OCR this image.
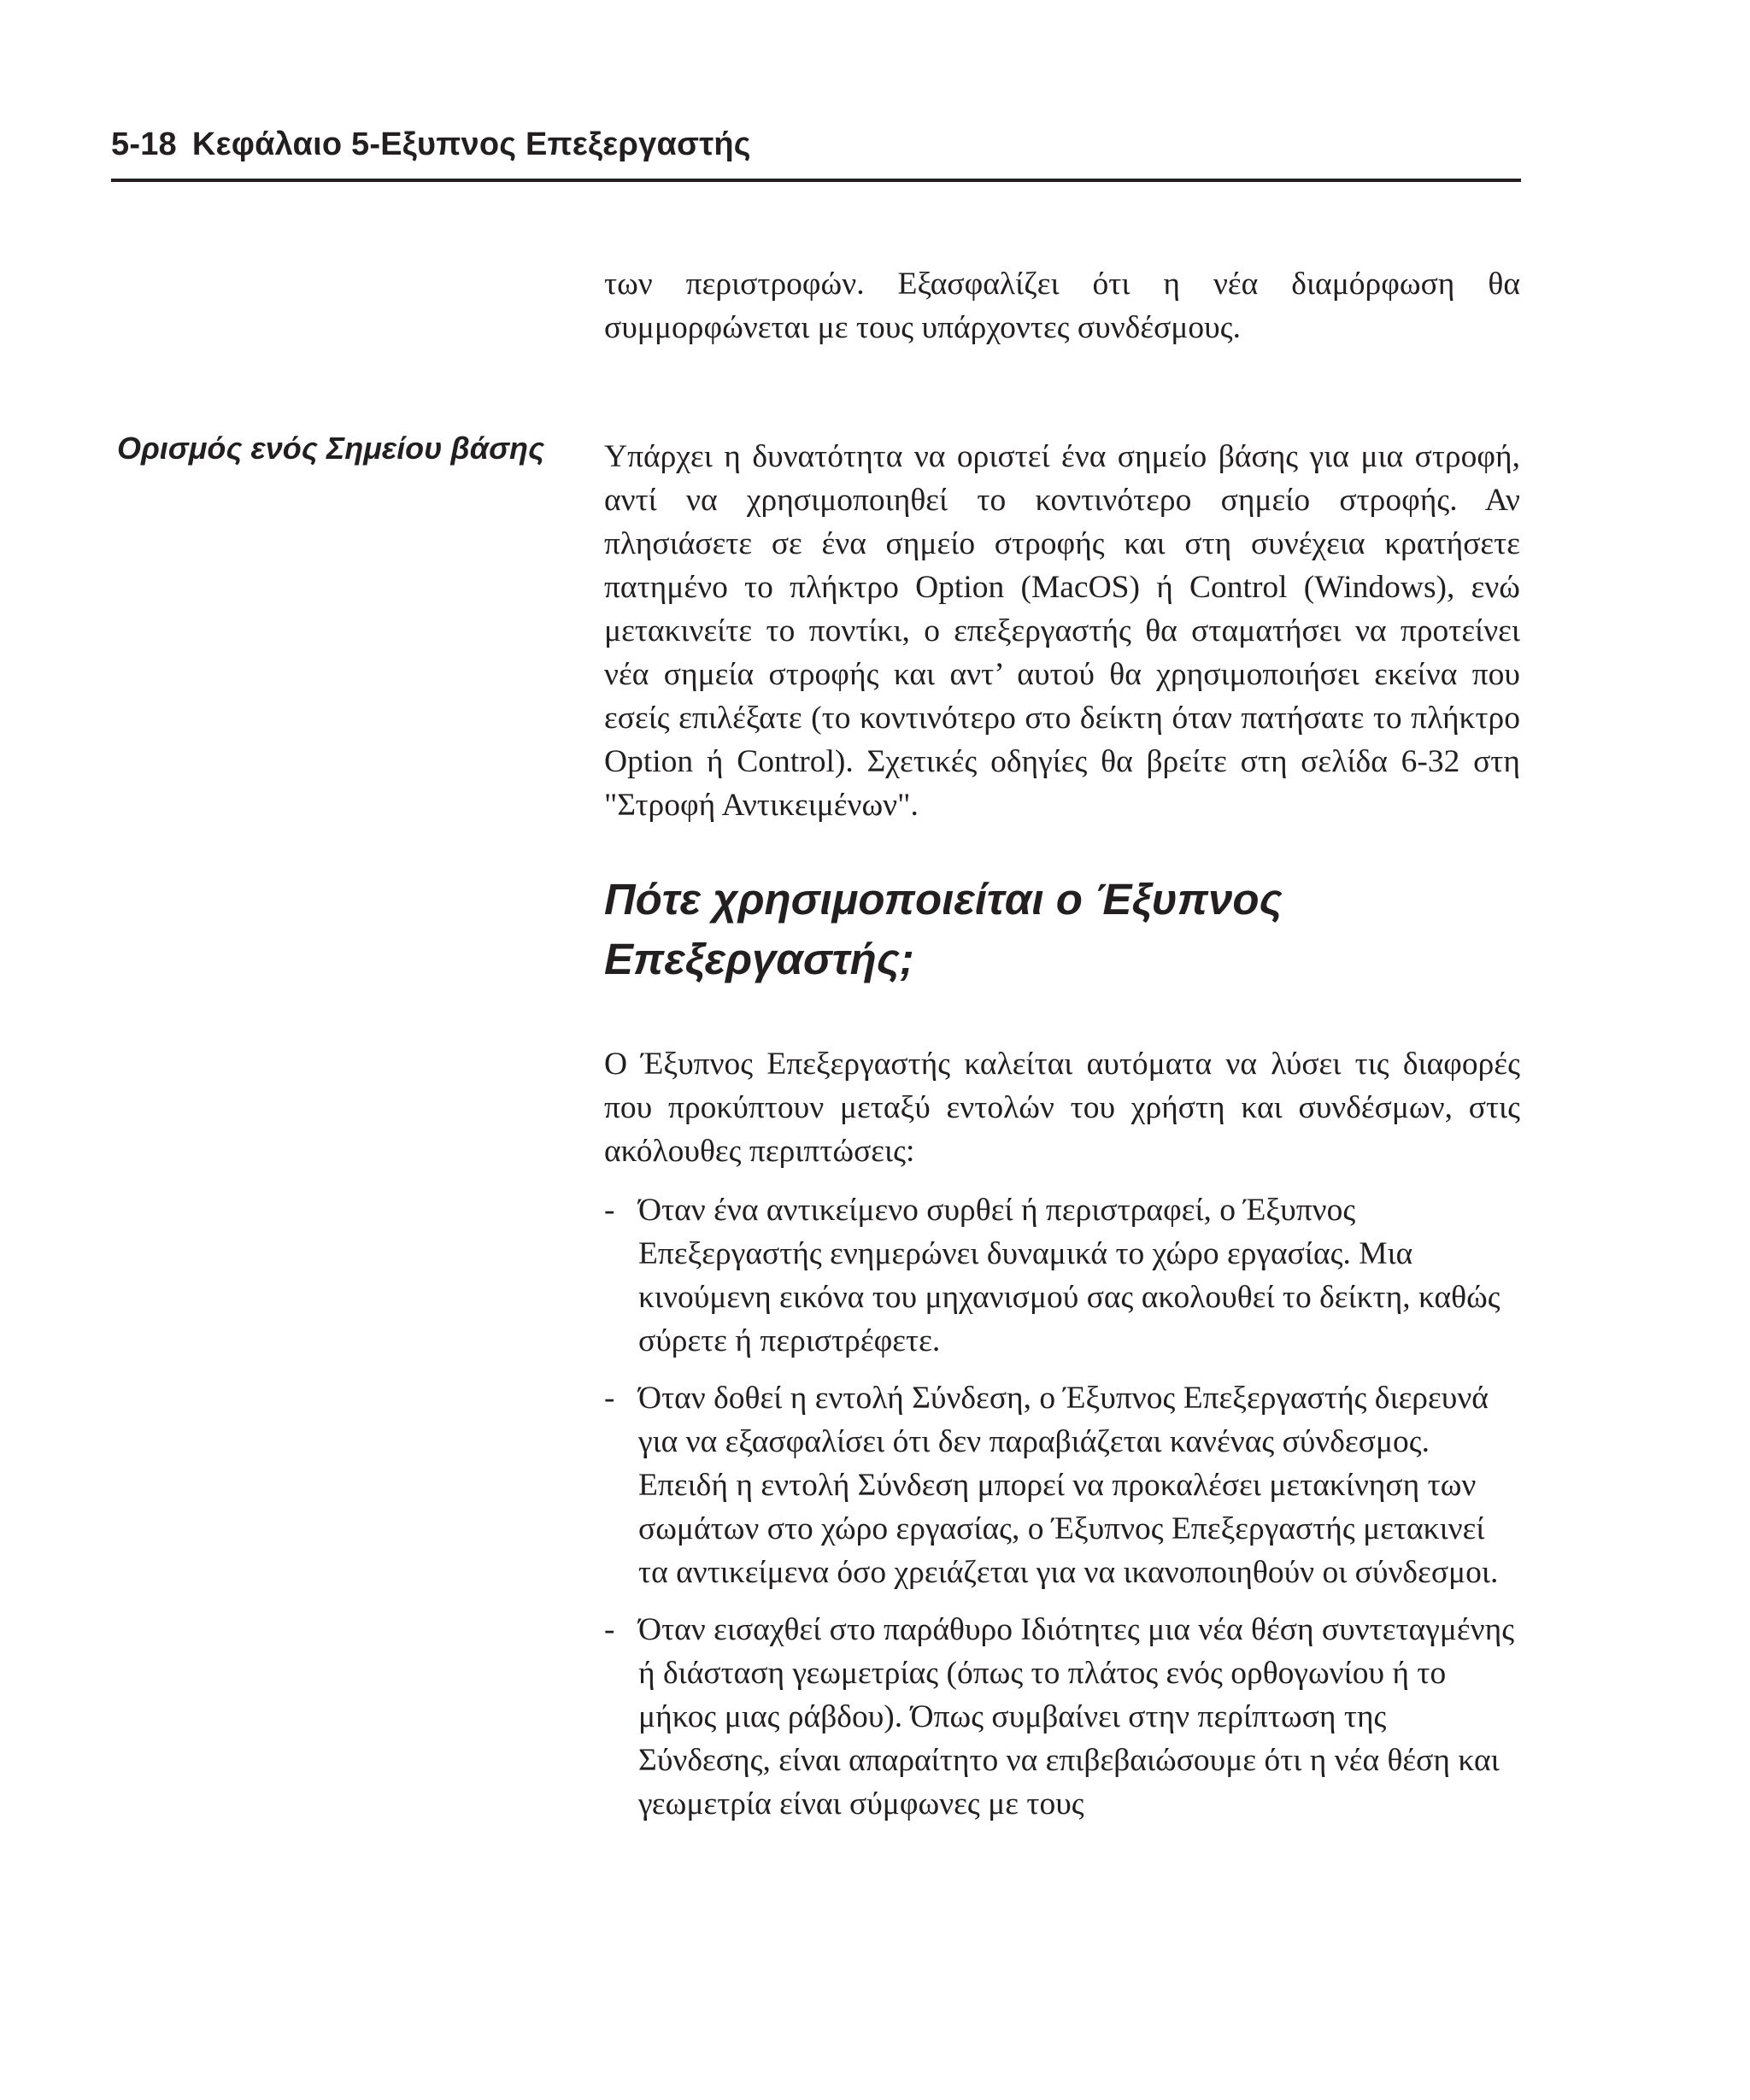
5-18 Κεφάλαιο 5-Εξυπνος Επεξεργαστής

των περιστροφών. Εξασφαλίζει ότι η νέα διαμόρφωση θα συμμορφώνεται με τους υπάρχοντες συνδέσμους.

Ορισμός ενός Σημείου βάσης	Υπάρχει η δυνατότητα να οριστεί ένα σημείο βάσης για μια στροφή, αντί να χρησιμοποιηθεί το κοντινότερο σημείο στροφής. Αν πλησιάσετε σε ένα σημείο στροφής και στη συνέχεια κρατήσετε πατημένο το πλήκτρο Option (MacOS) ή Control (Windows), ενώ μετακινείτε το ποντίκι, ο επεξεργαστής θα σταματήσει να προτείνει νέα σημεία στροφής και αντ’ αυτού θα χρησιμοποιήσει εκείνα που εσείς επιλέξατε (το κοντινότερο στο δείκτη όταν πατήσατε το πλήκτρο Option ή Control). Σχετικές οδηγίες θα βρείτε στη σελίδα 6-32 στη "Στροφή Αντικειμένων".

Πότε χρησιμοποιείται ο Έξυπνος
Επεξεργαστής;

Ο Έξυπνος Επεξεργαστής καλείται αυτόματα να λύσει τις διαφορές που προκύπτουν μεταξύ εντολών του χρήστη και συνδέσμων, στις ακόλουθες περιπτώσεις:

- Όταν ένα αντικείμενο συρθεί ή περιστραφεί, ο Έξυπνος Επεξεργαστής ενημερώνει δυναμικά το χώρο εργασίας. Μια κινούμενη εικόνα του μηχανισμού σας ακολουθεί το δείκτη, καθώς σύρετε ή περιστρέφετε.
- Όταν δοθεί η εντολή Σύνδεση, ο Έξυπνος Επεξεργαστής διερευνά για να εξασφαλίσει ότι δεν παραβιάζεται κανένας σύνδεσμος. Επειδή η εντολή Σύνδεση μπορεί να προκαλέσει μετακίνηση των σωμάτων στο χώρο εργασίας, ο Έξυπνος Επεξεργαστής μετακινεί τα αντικείμενα όσο χρειάζεται για να ικανοποιηθούν οι σύνδεσμοι.
- Όταν εισαχθεί στο παράθυρο Ιδιότητες μια νέα θέση συντεταγμένης ή διάσταση γεωμετρίας (όπως το πλάτος ενός ορθογωνίου ή το μήκος μιας ράβδου). Όπως συμβαίνει στην περίπτωση της Σύνδεσης, είναι απαραίτητο να επιβεβαιώσουμε ότι η νέα θέση και γεωμετρία είναι σύμφωνες με τους
